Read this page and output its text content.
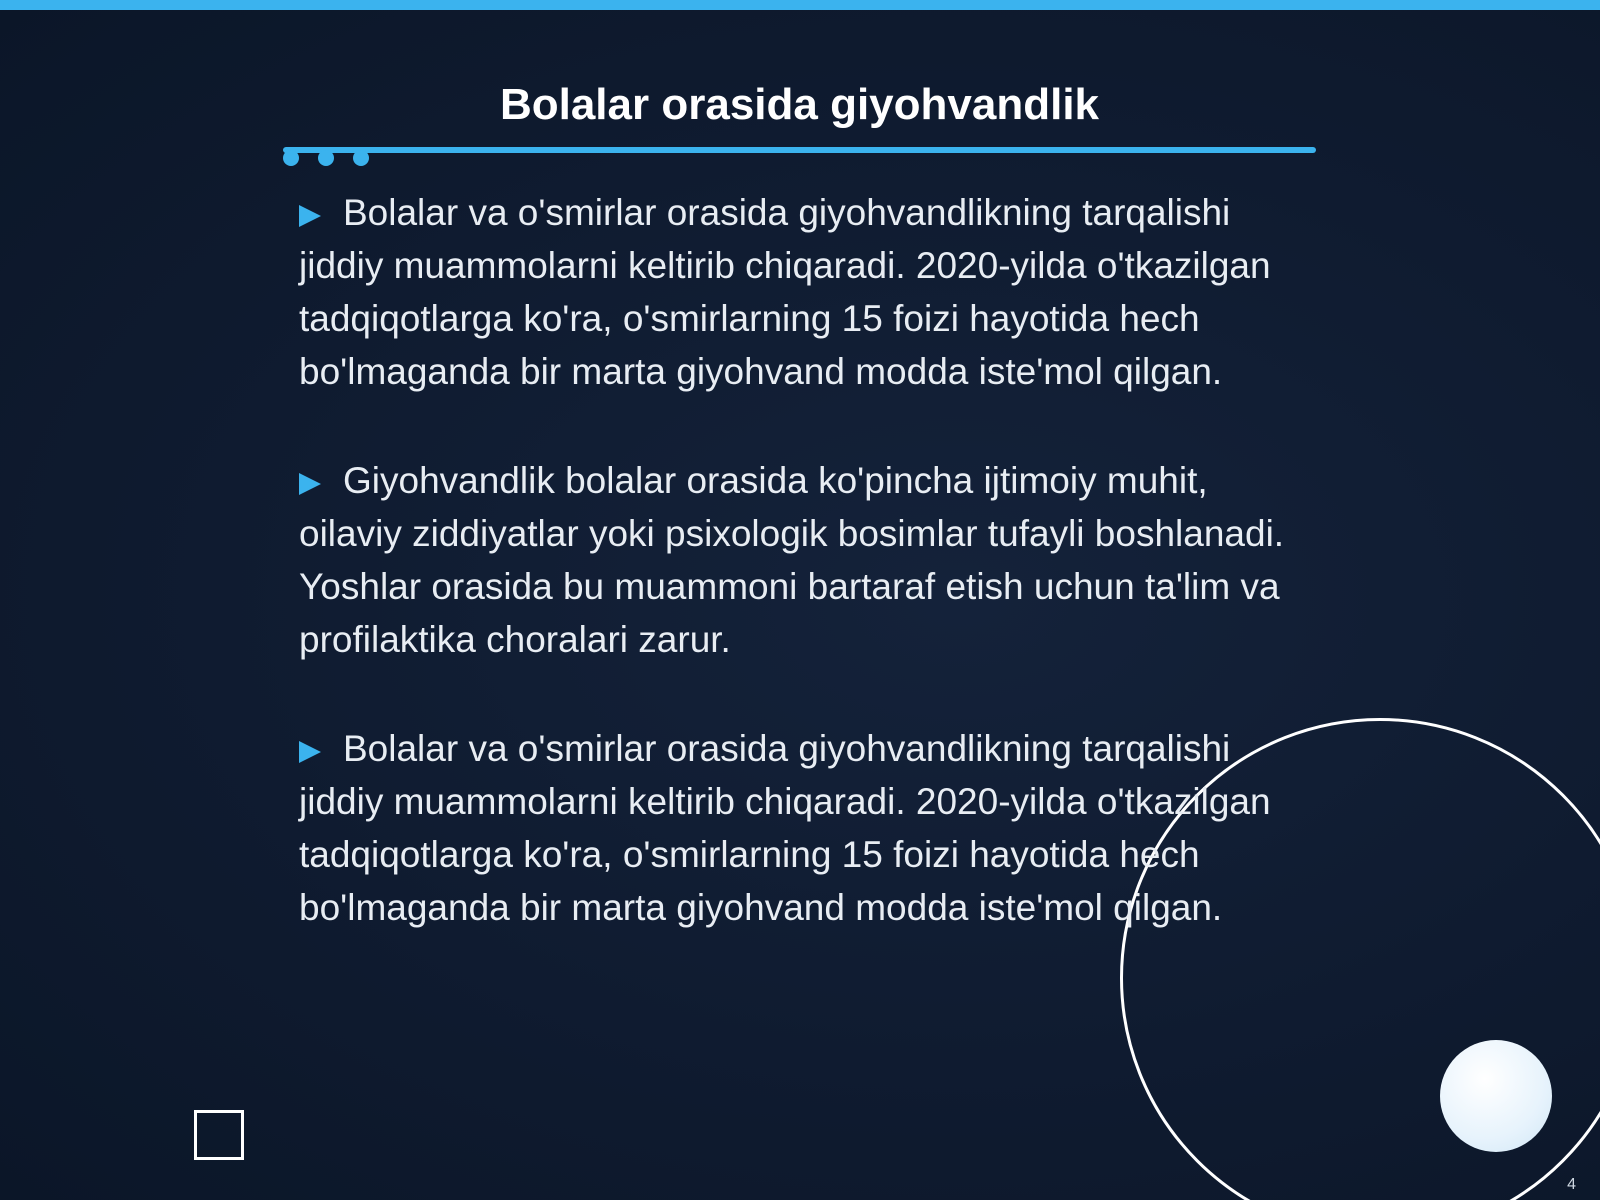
Bolalar orasida giyohvandlik

Bolalar va o'smirlar orasida giyohvandlikning tarqalishi jiddiy muammolarni keltirib chiqaradi. 2020-yilda o'tkazilgan tadqiqotlarga ko'ra, o'smirlarning 15 foizi hayotida hech bo'lmaganda bir marta giyohvand modda iste'mol qilgan.

Giyohvandlik bolalar orasida ko'pincha ijtimoiy muhit, oilaviy ziddiyatlar yoki psixologik bosimlar tufayli boshlanadi. Yoshlar orasida bu muammoni bartaraf etish uchun ta'lim va profilaktika choralari zarur.

Bolalar va o'smirlar orasida giyohvandlikning tarqalishi jiddiy muammolarni keltirib chiqaradi. 2020-yilda o'tkazilgan tadqiqotlarga ko'ra, o'smirlarning 15 foizi hayotida hech bo'lmaganda bir marta giyohvand modda iste'mol qilgan.

4
